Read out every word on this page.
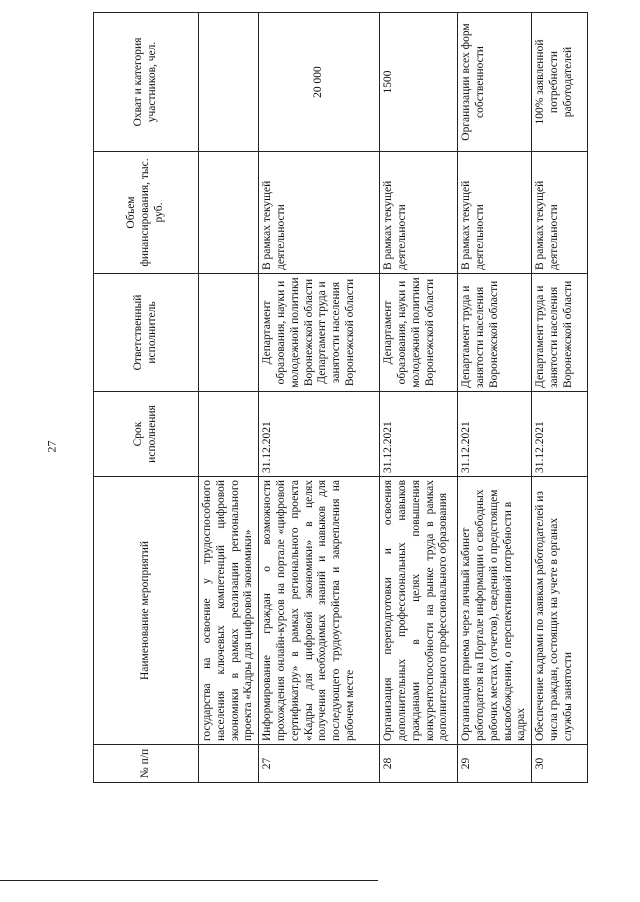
27
№ п/п	Наименование мероприятий	Срок исполнения	Ответственный исполнитель	Объем финансирования, тыс. руб.	Охват и категория участников, чел.
	государства на освоение у трудоспособного населения ключевых компетенций цифровой экономики в рамках реализации регионального проекта «Кадры для цифровой экономики»				
27	Информирование граждан о возможности прохождения онлайн-курсов на портале «цифровой сертификат.ру» в рамках регионального проекта «Кадры для цифровой экономики» в целях получения необходимых знаний и навыков для последующего трудоустройства и закрепления на рабочем месте	31.12.2021	Департамент образования, науки и молодежной политики Воронежской области Департамент труда и занятости населения Воронежской области	В рамках текущей деятельности	20 000
28	Организация переподготовки и освоения дополнительных профессиональных навыков гражданами в целях повышения конкурентоспособности на рынке труда в рамках дополнительного профессионального образования	31.12.2021	Департамент образования, науки и молодежной политики Воронежской области	В рамках текущей деятельности	1500
29	Организация приема через личный кабинет работодателя на Портале информации о свободных рабочих местах (отчетов), сведений о предстоящем высвобождении, о перспективной потребности в кадрах	31.12.2021	Департамент труда и занятости населения Воронежской области	В рамках текущей деятельности	Организации всех форм собственности
30	Обеспечение кадрами по заявкам работодателей из числа граждан, состоящих на учете в органах службы занятости	31.12.2021	Департамент труда и занятости населения Воронежской области	В рамках текущей деятельности	100% заявленной потребности работодателей
